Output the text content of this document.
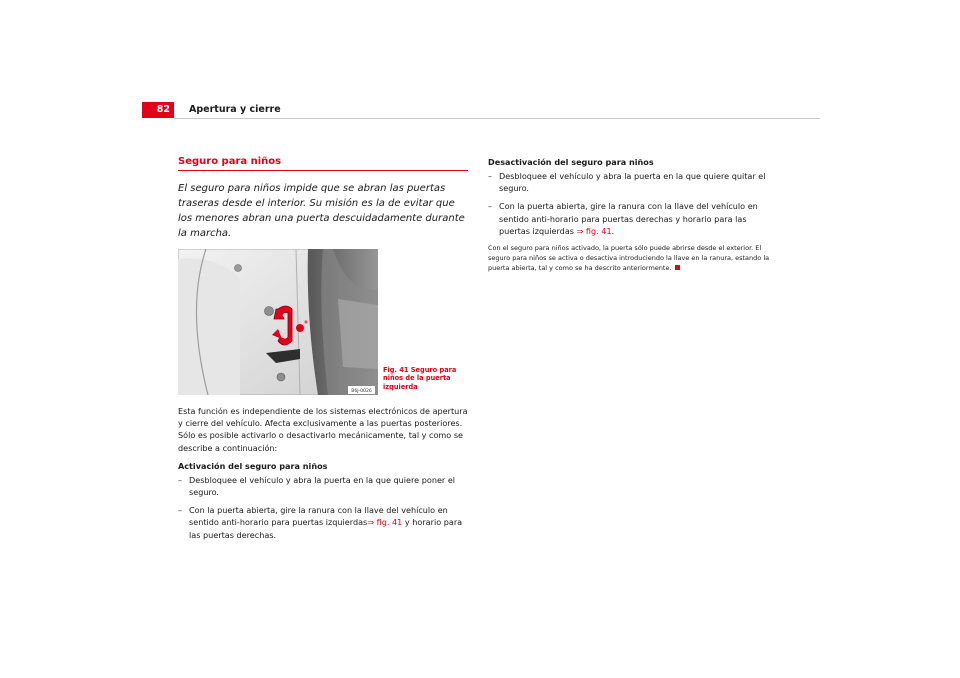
82	Apertura y cierre
Seguro para niños

El seguro para niños impide que se abran las puertas traseras desde el interior. Su misión es la de evitar que los menores abran una puerta descuidadamente durante la marcha.

B6J-0026
Fig. 41 Seguro para niños de la puerta izquierda

Esta función es independiente de los sistemas electrónicos de apertura y cierre del vehículo. Afecta exclusivamente a las puertas posteriores. Sólo es posible activarlo o desactivarlo mecánicamente, tal y como se describe a continuación:

Activación del seguro para niños
– Desbloquee el vehículo y abra la puerta en la que quiere poner el seguro.
– Con la puerta abierta, gire la ranura con la llave del vehículo en sentido anti-horario para puertas izquierdas⇒ fig. 41 y horario para las puertas derechas.
Desactivación del seguro para niños
– Desbloquee el vehículo y abra la puerta en la que quiere quitar el seguro.
– Con la puerta abierta, gire la ranura con la llave del vehículo en sentido anti-horario para puertas derechas y horario para las puertas izquierdas ⇒ fig. 41.
Con el seguro para niños activado, la puerta sólo puede abrirse desde el exterior. El seguro para niños se activa o desactiva introduciendo la llave en la ranura, estando la puerta abierta, tal y como se ha descrito anteriormente.
